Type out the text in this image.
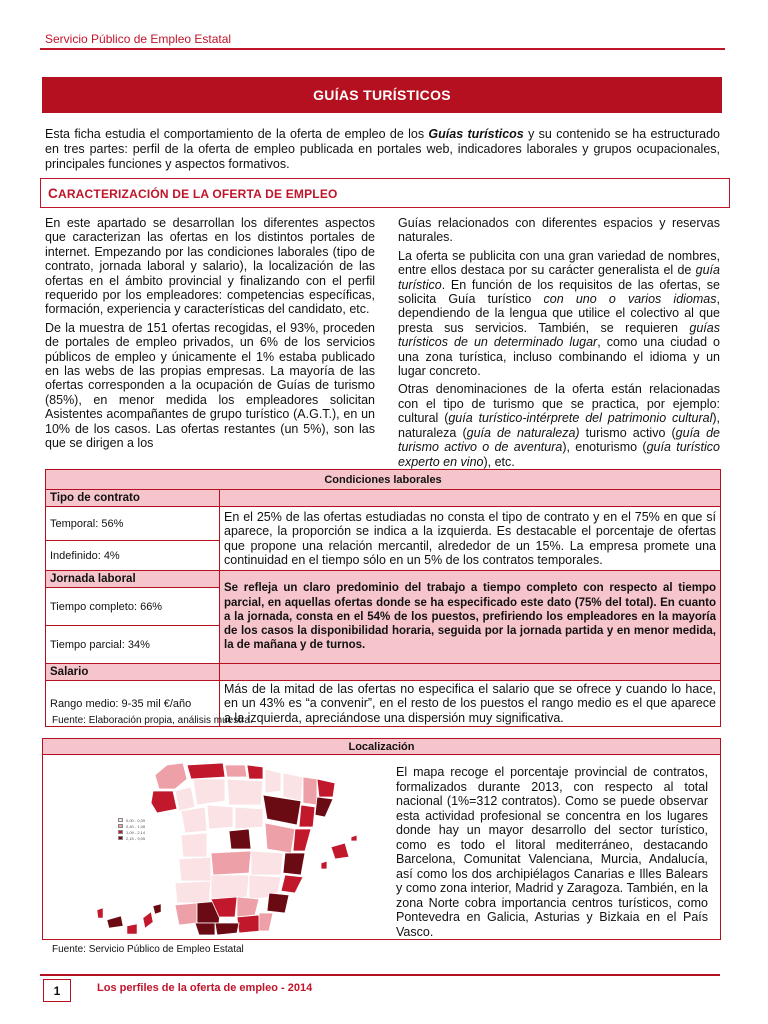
Servicio Público de Empleo Estatal
GUÍAS TURÍSTICOS
Esta ficha estudia el comportamiento de la oferta de empleo de los Guías turísticos y su contenido se ha estructurado en tres partes: perfil de la oferta de empleo publicada en portales web, indicadores laborales y grupos ocupacionales, principales funciones y aspectos formativos.
CARACTERIZACIÓN DE LA OFERTA DE EMPLEO

En este apartado se desarrollan los diferentes aspectos que caracterizan las ofertas en los distintos portales de internet. Empezando por las condiciones laborales (tipo de contrato, jornada laboral y salario), la localización de las ofertas en el ámbito provincial y finalizando con el perfil requerido por los empleadores: competencias específicas, formación, experiencia y características del candidato, etc.

De la muestra de 151 ofertas recogidas, el 93%, proceden de portales de empleo privados, un 6% de los servicios públicos de empleo y únicamente el 1% estaba publicado en las webs de las propias empresas. La mayoría de las ofertas corresponden a la ocupación de Guías de turismo (85%), en menor medida los empleadores solicitan Asistentes acompañantes de grupo turístico (A.G.T.), en un 10% de los casos. Las ofertas restantes (un 5%), son las que se dirigen a los

Guías relacionados con diferentes espacios y reservas naturales.

La oferta se publicita con una gran variedad de nombres, entre ellos destaca por su carácter generalista el de guía turístico. En función de los requisitos de las ofertas, se solicita Guía turístico con uno o varios idiomas, dependiendo de la lengua que utilice el colectivo al que presta sus servicios. También, se requieren guías turísticos de un determinado lugar, como una ciudad o una zona turística, incluso combinando el idioma y un lugar concreto.

Otras denominaciones de la oferta están relacionadas con el tipo de turismo que se practica, por ejemplo: cultural (guía turístico-intérprete del patrimonio cultural), naturaleza (guía de naturaleza) turismo activo (guía de turismo activo o de aventura), enoturismo (guía turístico experto en vino), etc.

Condiciones laborales	
Tipo de contrato	
Temporal: 56%	En el 25% de las ofertas estudiadas no consta el tipo de contrato y en el 75% en que sí aparece, la proporción se indica a la izquierda. Es destacable el porcentaje de ofertas que propone una relación mercantil, alrededor de un 15%. La empresa promete una continuidad en el tiempo sólo en un 5% de los contratos temporales.
Indefinido: 4%	
Jornada laboral	Se refleja un claro predominio del trabajo a tiempo completo con respecto al tiempo parcial, en aquellas ofertas donde se ha especificado este dato (75% del total). En cuanto a la jornada, consta en el 54% de los puestos, prefiriendo los empleadores en la mayoría de los casos la disponibilidad horaria, seguida por la jornada partida y en menor medida, la de mañana y de turnos.
Tiempo completo: 66%	
Tiempo parcial: 34%	
Salario	
Rango medio: 9-35 mil €/año	Más de la mitad de las ofertas no especifica el salario que se ofrece y cuando lo hace, en un 43% es “a convenir”, en el resto de los puestos el rango medio es el que aparece a la izquierda, apreciándose una dispersión muy significativa.
Fuente: Elaboración propia, análisis muestra.
Localización
0,00 - 0,39
0,40 - 1,08
1,09 - 2,14
2,15 - 9,05
El mapa recoge el porcentaje provincial de contratos, formalizados durante 2013, con respecto al total nacional (1%=312 contratos). Como se puede observar esta actividad profesional se concentra en los lugares donde hay un mayor desarrollo del sector turístico, como es todo el litoral mediterráneo, destacando Barcelona, Comunitat Valenciana, Murcia, Andalucía, así como los dos archipiélagos Canarias e Illes Balears y como zona interior, Madrid y Zaragoza. También, en la zona Norte cobra importancia centros turísticos, como Pontevedra en Galicia, Asturias y Bizkaia en el País Vasco.
Fuente: Servicio Público de Empleo Estatal
1	Los perfiles de la oferta de empleo - 2014
